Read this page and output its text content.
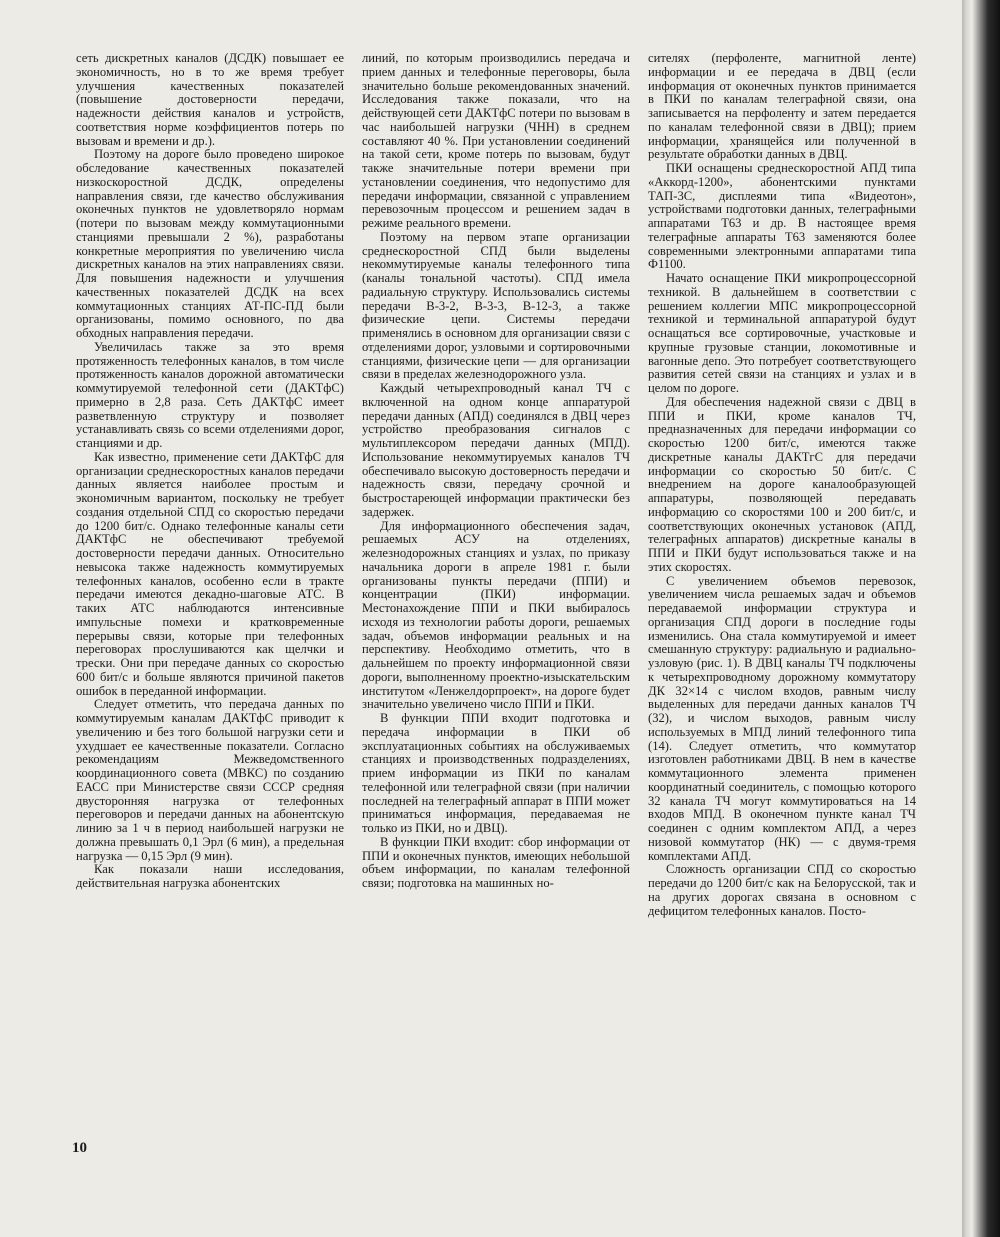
сеть дискретных каналов (ДСДК) повышает ее экономичность, но в то же время требует улучшения качественных показателей (повышение достоверности передачи, надежности действия каналов и устройств, соответствия норме коэффициентов потерь по вызовам и времени и др.).

Поэтому на дороге было проведено широкое обследование качественных показателей низкоскоростной ДСДК, определены направления связи, где качество обслуживания оконечных пунктов не удовлетворяло нормам (потери по вызовам между коммутационными станциями превышали 2 %), разработаны конкретные мероприятия по увеличению числа дискретных каналов на этих направлениях связи. Для повышения надежности и улучшения качественных показателей ДСДК на всех коммутационных станциях АТ-ПС-ПД были организованы, помимо основного, по два обходных направления передачи.

Увеличилась также за это время протяженность телефонных каналов, в том числе протяженность каналов дорожной автоматически коммутируемой телефонной сети (ДАКТфС) примерно в 2,8 раза. Сеть ДАКТфС имеет разветвленную структуру и позволяет устанавливать связь со всеми отделениями дорог, станциями и др.

Как известно, применение сети ДАКТфС для организации среднескоростных каналов передачи данных является наиболее простым и экономичным вариантом, поскольку не требует создания отдельной СПД со скоростью передачи до 1200 бит/с. Однако телефонные каналы сети ДАКТфС не обеспечивают требуемой достоверности передачи данных. Относительно невысока также надежность коммутируемых телефонных каналов, особенно если в тракте передачи имеются декадно-шаговые АТС. В таких АТС наблюдаются интенсивные импульсные помехи и кратковременные перерывы связи, которые при телефонных переговорах прослушиваются как щелчки и трески. Они при передаче данных со скоростью 600 бит/с и больше являются причиной пакетов ошибок в переданной информации.

Следует отметить, что передача данных по коммутируемым каналам ДАКТфС приводит к увеличению и без того большой нагрузки сети и ухудшает ее качественные показатели. Согласно рекомендациям Межведомственного координационного совета (МВКС) по созданию ЕАСС при Министерстве связи СССР средняя двусторонняя нагрузка от телефонных переговоров и передачи данных на абонентскую линию за 1 ч в период наибольшей нагрузки не должна превышать 0,1 Эрл (6 мин), а предельная нагрузка — 0,15 Эрл (9 мин).

Как показали наши исследования, действительная нагрузка абонентских

линий, по которым производились передача и прием данных и телефонные переговоры, была значительно больше рекомендованных значений. Исследования также показали, что на действующей сети ДАКТфС потери по вызовам в час наибольшей нагрузки (ЧНН) в среднем составляют 40 %. При установлении соединений на такой сети, кроме потерь по вызовам, будут также значительные потери времени при установлении соединения, что недопустимо для передачи информации, связанной с управлением перевозочным процессом и решением задач в режиме реального времени.

Поэтому на первом этапе организации среднескоростной СПД были выделены некоммутируемые каналы телефонного типа (каналы тональной частоты). СПД имела радиальную структуру. Использовались системы передачи В-3-2, В-3-3, В-12-3, а также физические цепи. Системы передачи применялись в основном для организации связи с отделениями дорог, узловыми и сортировочными станциями, физические цепи — для организации связи в пределах железнодорожного узла.

Каждый четырехпроводный канал ТЧ с включенной на одном конце аппаратурой передачи данных (АПД) соединялся в ДВЦ через устройство преобразования сигналов с мультиплексором передачи данных (МПД). Использование некоммутируемых каналов ТЧ обеспечивало высокую достоверность передачи и надежность связи, передачу срочной и быстростареющей информации практически без задержек.

Для информационного обеспечения задач, решаемых АСУ на отделениях, железнодорожных станциях и узлах, по приказу начальника дороги в апреле 1981 г. были организованы пункты передачи (ППИ) и концентрации (ПКИ) информации. Местонахождение ППИ и ПКИ выбиралось исходя из технологии работы дороги, решаемых задач, объемов информации реальных и на перспективу. Необходимо отметить, что в дальнейшем по проекту информационной связи дороги, выполненному проектно-изыскательским институтом «Ленжелдорпроект», на дороге будет значительно увеличено число ППИ и ПКИ.

В функции ППИ входит подготовка и передача информации в ПКИ об эксплуатационных событиях на обслуживаемых станциях и производственных подразделениях, прием информации из ПКИ по каналам телефонной или телеграфной связи (при наличии последней на телеграфный аппарат в ППИ может приниматься информация, передаваемая не только из ПКИ, но и ДВЦ).

В функции ПКИ входит: сбор информации от ППИ и оконечных пунктов, имеющих небольшой объем информации, по каналам телефонной связи; подготовка на машинных но-

сителях (перфоленте, магнитной ленте) информации и ее передача в ДВЦ (если информация от оконечных пунктов принимается в ПКИ по каналам телеграфной связи, она записывается на перфоленту и затем передается по каналам телефонной связи в ДВЦ); прием информации, хранящейся или полученной в результате обработки данных в ДВЦ.

ПКИ оснащены среднескоростной АПД типа «Аккорд-1200», абонентскими пунктами ТАП-3С, дисплеями типа «Видеотон», устройствами подготовки данных, телеграфными аппаратами Т63 и др. В настоящее время телеграфные аппараты Т63 заменяются более современными электронными аппаратами типа Ф1100.

Начато оснащение ПКИ микропроцессорной техникой. В дальнейшем в соответствии с решением коллегии МПС микропроцессорной техникой и терминальной аппаратурой будут оснащаться все сортировочные, участковые и крупные грузовые станции, локомотивные и вагонные депо. Это потребует соответствующего развития сетей связи на станциях и узлах и в целом по дороге.

Для обеспечения надежной связи с ДВЦ в ППИ и ПКИ, кроме каналов ТЧ, предназначенных для передачи информации со скоростью 1200 бит/с, имеются также дискретные каналы ДАКТгС для передачи информации со скоростью 50 бит/с. С внедрением на дороге каналообразующей аппаратуры, позволяющей передавать информацию со скоростями 100 и 200 бит/с, и соответствующих оконечных установок (АПД, телеграфных аппаратов) дискретные каналы в ППИ и ПКИ будут использоваться также и на этих скоростях.

С увеличением объемов перевозок, увеличением числа решаемых задач и объемов передаваемой информации структура и организация СПД дороги в последние годы изменились. Она стала коммутируемой и имеет смешанную структуру: радиальную и радиально-узловую (рис. 1). В ДВЦ каналы ТЧ подключены к четырехпроводному дорожному коммутатору ДК 32×14 с числом входов, равным числу выделенных для передачи данных каналов ТЧ (32), и числом выходов, равным числу используемых в МПД линий телефонного типа (14). Следует отметить, что коммутатор изготовлен работниками ДВЦ. В нем в качестве коммутационного элемента применен координатный соединитель, с помощью которого 32 канала ТЧ могут коммутироваться на 14 входов МПД. В оконечном пункте канал ТЧ соединен с одним комплектом АПД, а через низовой коммутатор (НК) — с двумя-тремя комплектами АПД.

Сложность организации СПД со скоростью передачи до 1200 бит/с как на Белорусской, так и на других дорогах связана в основном с дефицитом телефонных каналов. Посто-

10
